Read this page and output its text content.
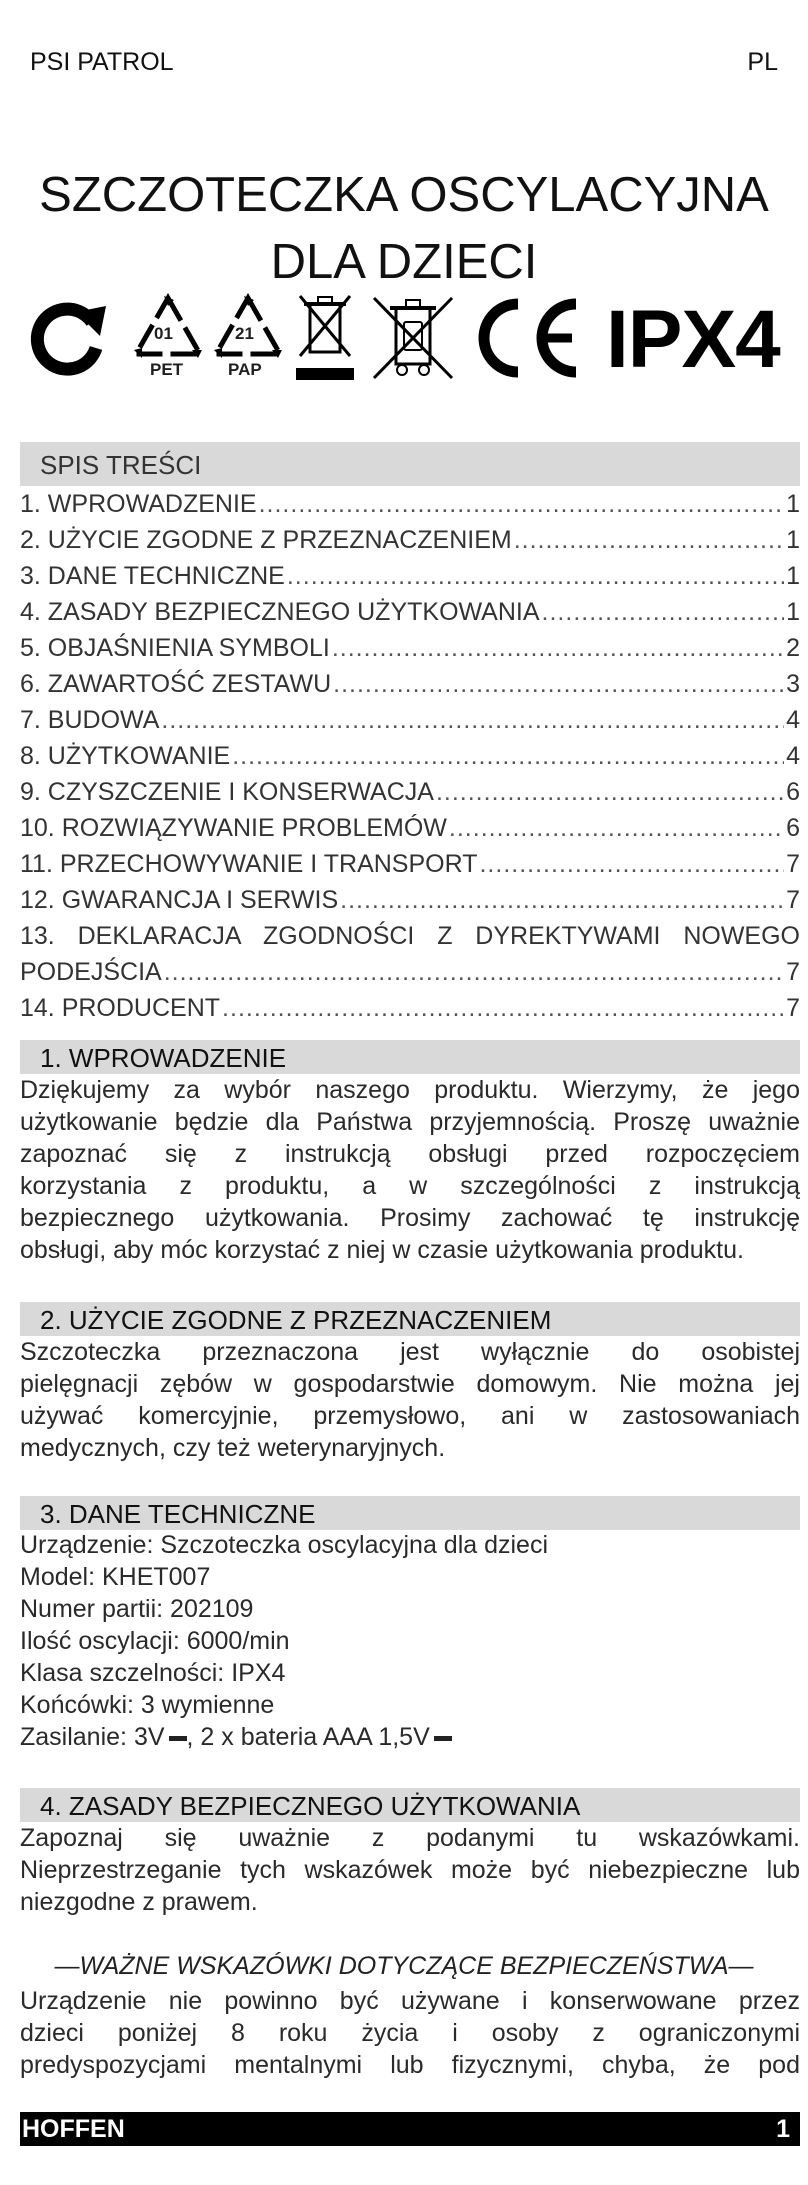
PSI PATROL	PL
SZCZOTECZKA OSCYLACYJNA
DLA DZIECI
01
PET
21
PAP	IPX4
SPIS TREŚCI
1. WPROWADZENIE .....	1
2. UŻYCIE ZGODNE Z PRZEZNACZENIEM .....	1
3. DANE TECHNICZNE .....	1
4. ZASADY BEZPIECZNEGO UŻYTKOWANIA .....	1
5. OBJAŚNIENIA SYMBOLI .....	2
6. ZAWARTOŚĆ ZESTAWU .....	3
7. BUDOWA .....	4
8. UŻYTKOWANIE .....	4
9. CZYSZCZENIE I KONSERWACJA .....	6
10. ROZWIĄZYWANIE PROBLEMÓW .....	6
11. PRZECHOWYWANIE I TRANSPORT .....	7
12. GWARANCJA I SERWIS .....	7
13. DEKLARACJA ZGODNOŚCI Z DYREKTYWAMI NOWEGO
PODEJŚCIA .....	7
14. PRODUCENT .....	7
1. WPROWADZENIE
Dziękujemy za wybór naszego produktu. Wierzymy, że jego
użytkowanie będzie dla Państwa przyjemnością. Proszę uważnie
zapoznać się z instrukcją obsługi przed rozpoczęciem
korzystania z produktu, a w szczególności z instrukcją
bezpiecznego użytkowania. Prosimy zachować tę instrukcję
obsługi, aby móc korzystać z niej w czasie użytkowania produktu.
2. UŻYCIE ZGODNE Z PRZEZNACZENIEM
Szczoteczka przeznaczona jest wyłącznie do osobistej
pielęgnacji zębów w gospodarstwie domowym. Nie można jej
używać komercyjnie, przemysłowo, ani w zastosowaniach
medycznych, czy też weterynaryjnych.
3. DANE TECHNICZNE
Urządzenie: Szczoteczka oscylacyjna dla dzieci
Model: KHET007
Numer partii: 202109
Ilość oscylacji: 6000/min
Klasa szczelności: IPX4
Końcówki: 3 wymienne
Zasilanie: 3V , 2 x bateria AAA 1,5V
4. ZASADY BEZPIECZNEGO UŻYTKOWANIA
Zapoznaj się uważnie z podanymi tu wskazówkami.
Nieprzestrzeganie tych wskazówek może być niebezpieczne lub
niezgodne z prawem.
—WAŻNE WSKAZÓWKI DOTYCZĄCE BEZPIECZEŃSTWA—
Urządzenie nie powinno być używane i konserwowane przez
dzieci poniżej 8 roku życia i osoby z ograniczonymi
predyspozycjami mentalnymi lub fizycznymi, chyba, że pod
HOFFEN	1
